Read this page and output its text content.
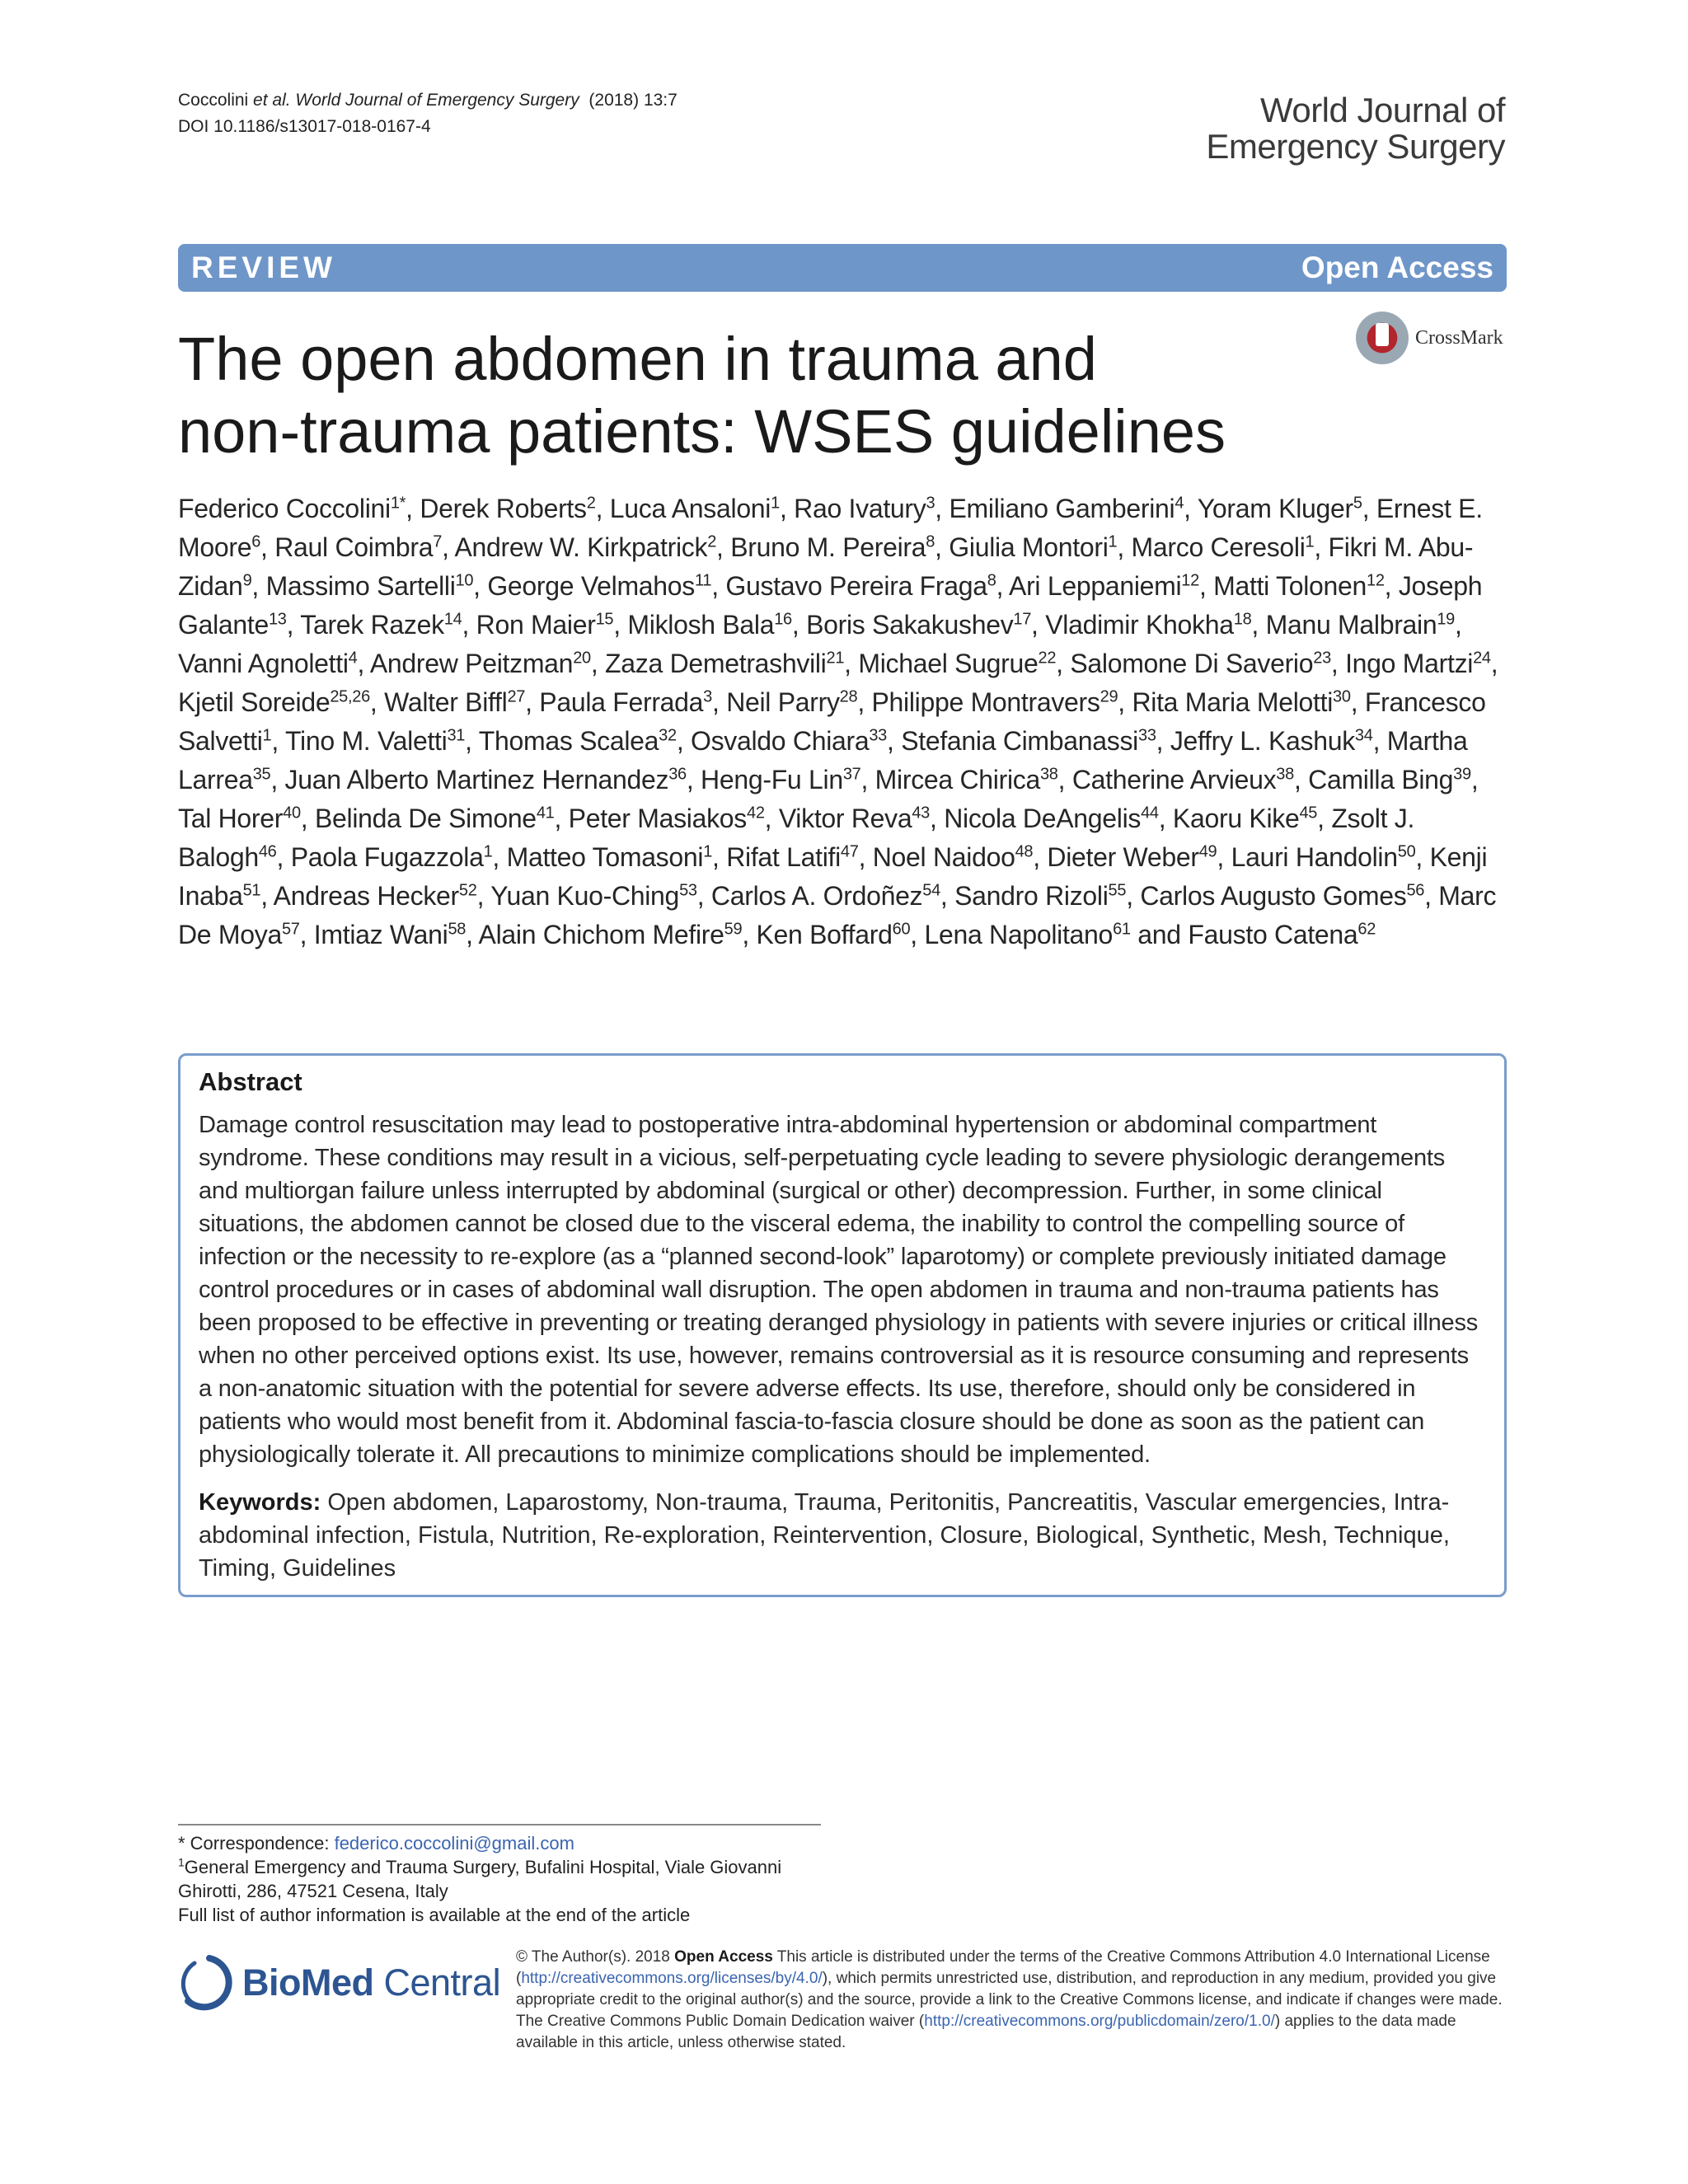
Coccolini et al. World Journal of Emergency Surgery (2018) 13:7
DOI 10.1186/s13017-018-0167-4	World Journal of
Emergency Surgery
REVIEW	Open Access
The open abdomen in trauma and
non-trauma patients: WSES guidelines
CrossMark
Federico Coccolini$^{1*}$, Derek Roberts$^2$, Luca Ansaloni$^1$, Rao Ivatury$^3$, Emiliano Gamberini$^4$, Yoram Kluger$^5$, Ernest E. Moore$^6$, Raul Coimbra$^7$, Andrew W. Kirkpatrick$^2$, Bruno M. Pereira$^8$, Giulia Montori$^1$, Marco Ceresoli$^1$, Fikri M. Abu-Zidan$^9$, Massimo Sartelli$^{10}$, George Velmahos$^{11}$, Gustavo Pereira Fraga$^8$, Ari Leppaniemi$^{12}$, Matti Tolonen$^{12}$, Joseph Galante$^{13}$, Tarek Razek$^{14}$, Ron Maier$^{15}$, Miklosh Bala$^{16}$, Boris Sakakushev$^{17}$, Vladimir Khokha$^{18}$, Manu Malbrain$^{19}$, Vanni Agnoletti$^4$, Andrew Peitzman$^{20}$, Zaza Demetrashvili$^{21}$, Michael Sugrue$^{22}$, Salomone Di Saverio$^{23}$, Ingo Martzi$^{24}$, Kjetil Soreide$^{25,26}$, Walter Biffl$^{27}$, Paula Ferrada$^3$, Neil Parry$^{28}$, Philippe Montravers$^{29}$, Rita Maria Melotti$^{30}$, Francesco Salvetti$^1$, Tino M. Valetti$^{31}$, Thomas Scalea$^{32}$, Osvaldo Chiara$^{33}$, Stefania Cimbanassi$^{33}$, Jeffry L. Kashuk$^{34}$, Martha Larrea$^{35}$, Juan Alberto Martinez Hernandez$^{36}$, Heng-Fu Lin$^{37}$, Mircea Chirica$^{38}$, Catherine Arvieux$^{38}$, Camilla Bing$^{39}$, Tal Horer$^{40}$, Belinda De Simone$^{41}$, Peter Masiakos$^{42}$, Viktor Reva$^{43}$, Nicola DeAngelis$^{44}$, Kaoru Kike$^{45}$, Zsolt J. Balogh$^{46}$, Paola Fugazzola$^1$, Matteo Tomasoni$^1$, Rifat Latifi$^{47}$, Noel Naidoo$^{48}$, Dieter Weber$^{49}$, Lauri Handolin$^{50}$, Kenji Inaba$^{51}$, Andreas Hecker$^{52}$, Yuan Kuo-Ching$^{53}$, Carlos A. Ordoñez$^{54}$, Sandro Rizoli$^{55}$, Carlos Augusto Gomes$^{56}$, Marc De Moya$^{57}$, Imtiaz Wani$^{58}$, Alain Chichom Mefire$^{59}$, Ken Boffard$^{60}$, Lena Napolitano$^{61}$ and Fausto Catena$^{62}$
Abstract

Damage control resuscitation may lead to postoperative intra-abdominal hypertension or abdominal compartment syndrome. These conditions may result in a vicious, self-perpetuating cycle leading to severe physiologic derangements and multiorgan failure unless interrupted by abdominal (surgical or other) decompression. Further, in some clinical situations, the abdomen cannot be closed due to the visceral edema, the inability to control the compelling source of infection or the necessity to re-explore (as a “planned second-look” laparotomy) or complete previously initiated damage control procedures or in cases of abdominal wall disruption. The open abdomen in trauma and non-trauma patients has been proposed to be effective in preventing or treating deranged physiology in patients with severe injuries or critical illness when no other perceived options exist. Its use, however, remains controversial as it is resource consuming and represents a non-anatomic situation with the potential for severe adverse effects. Its use, therefore, should only be considered in patients who would most benefit from it. Abdominal fascia-to-fascia closure should be done as soon as the patient can physiologically tolerate it. All precautions to minimize complications should be implemented.

Keywords: Open abdomen, Laparostomy, Non-trauma, Trauma, Peritonitis, Pancreatitis, Vascular emergencies, Intra-abdominal infection, Fistula, Nutrition, Re-exploration, Reintervention, Closure, Biological, Synthetic, Mesh, Technique, Timing, Guidelines

* Correspondence: federico.coccolini@gmail.com
$^1$General Emergency and Trauma Surgery, Bufalini Hospital, Viale Giovanni
Ghirotti, 286, 47521 Cesena, Italy
Full list of author information is available at the end of the article
BioMed Central
© The Author(s). 2018 Open Access This article is distributed under the terms of the Creative Commons Attribution 4.0 International License (http://creativecommons.org/licenses/by/4.0/), which permits unrestricted use, distribution, and reproduction in any medium, provided you give appropriate credit to the original author(s) and the source, provide a link to the Creative Commons license, and indicate if changes were made. The Creative Commons Public Domain Dedication waiver (http://creativecommons.org/publicdomain/zero/1.0/) applies to the data made available in this article, unless otherwise stated.
